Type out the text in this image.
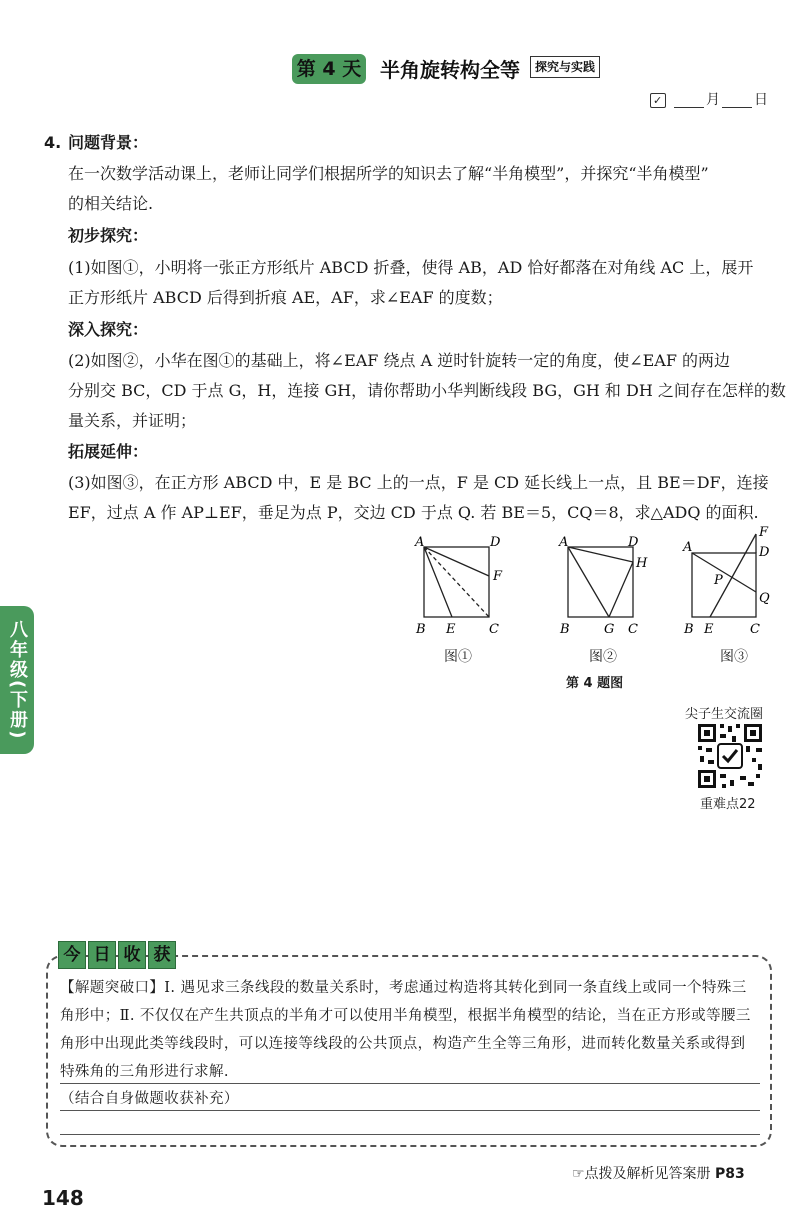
第 4 天 半角旋转构全等	探究与实践
✓
月 日
4. 问题背景：
在一次数学活动课上，老师让同学们根据所学的知识去了解“半角模型”，并探究“半角模型”
的相关结论.
初步探究：
(1)如图①，小明将一张正方形纸片 ABCD 折叠，使得 AB，AD 恰好都落在对角线 AC 上，展开
正方形纸片 ABCD 后得到折痕 AE，AF，求∠EAF 的度数；
深入探究：
(2)如图②，小华在图①的基础上，将∠EAF 绕点 A 逆时针旋转一定的角度，使∠EAF 的两边
分别交 BC，CD 于点 G，H，连接 GH，请你帮助小华判断线段 BG，GH 和 DH 之间存在怎样的数
量关系，并证明；
拓展延伸：
(3)如图③，在正方形 ABCD 中，E 是 BC 上的一点，F 是 CD 延长线上一点，且 BE＝DF，连接
EF，过点 A 作 AP⊥EF，垂足为点 P，交边 CD 于点 Q. 若 BE＝5，CQ＝8，求△ADQ 的面积.
A	D
F
B E	C
图①
A	D
H
B	G C
图②
A
F
D
P
Q
B E	C
图③
第 4 题图
尖子生交流圈
重难点22
八年级(下册)
今 日 收 获
【解题突破口】Ⅰ. 遇见求三条线段的数量关系时，考虑通过构造将其转化到同一条直线上或同一个特殊三
角形中；Ⅱ. 不仅仅在产生共顶点的半角才可以使用半角模型，根据半角模型的结论，当在正方形或等腰三
角形中出现此类等线段时，可以连接等线段的公共顶点，构造产生全等三角形，进而转化数量关系或得到
特殊角的三角形进行求解.
（结合自身做题收获补充）
☞点拨及解析见答案册 P83
148
